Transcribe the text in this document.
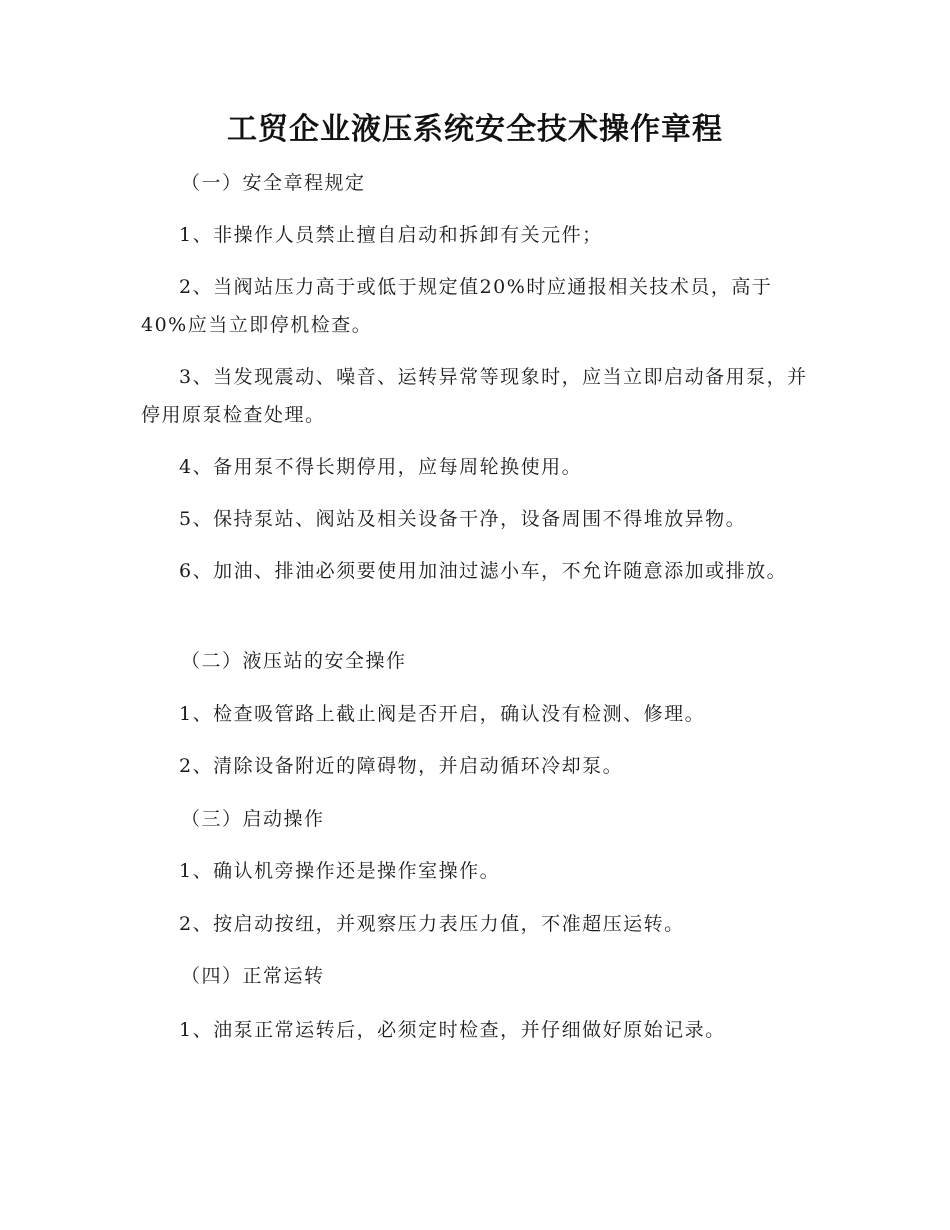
工贸企业液压系统安全技术操作章程
（一）安全章程规定
1、非操作人员禁止擅自启动和拆卸有关元件；
2、当阀站压力高于或低于规定值20%时应通报相关技术员，高于40%应当立即停机检查。
3、当发现震动、噪音、运转异常等现象时，应当立即启动备用泵，并停用原泵检查处理。
4、备用泵不得长期停用，应每周轮换使用。
5、保持泵站、阀站及相关设备干净，设备周围不得堆放异物。
6、加油、排油必须要使用加油过滤小车，不允许随意添加或排放。
（二）液压站的安全操作
1、检查吸管路上截止阀是否开启，确认没有检测、修理。
2、清除设备附近的障碍物，并启动循环冷却泵。
（三）启动操作
1、确认机旁操作还是操作室操作。
2、按启动按纽，并观察压力表压力值，不准超压运转。
（四）正常运转
1、油泵正常运转后，必须定时检查，并仔细做好原始记录。
